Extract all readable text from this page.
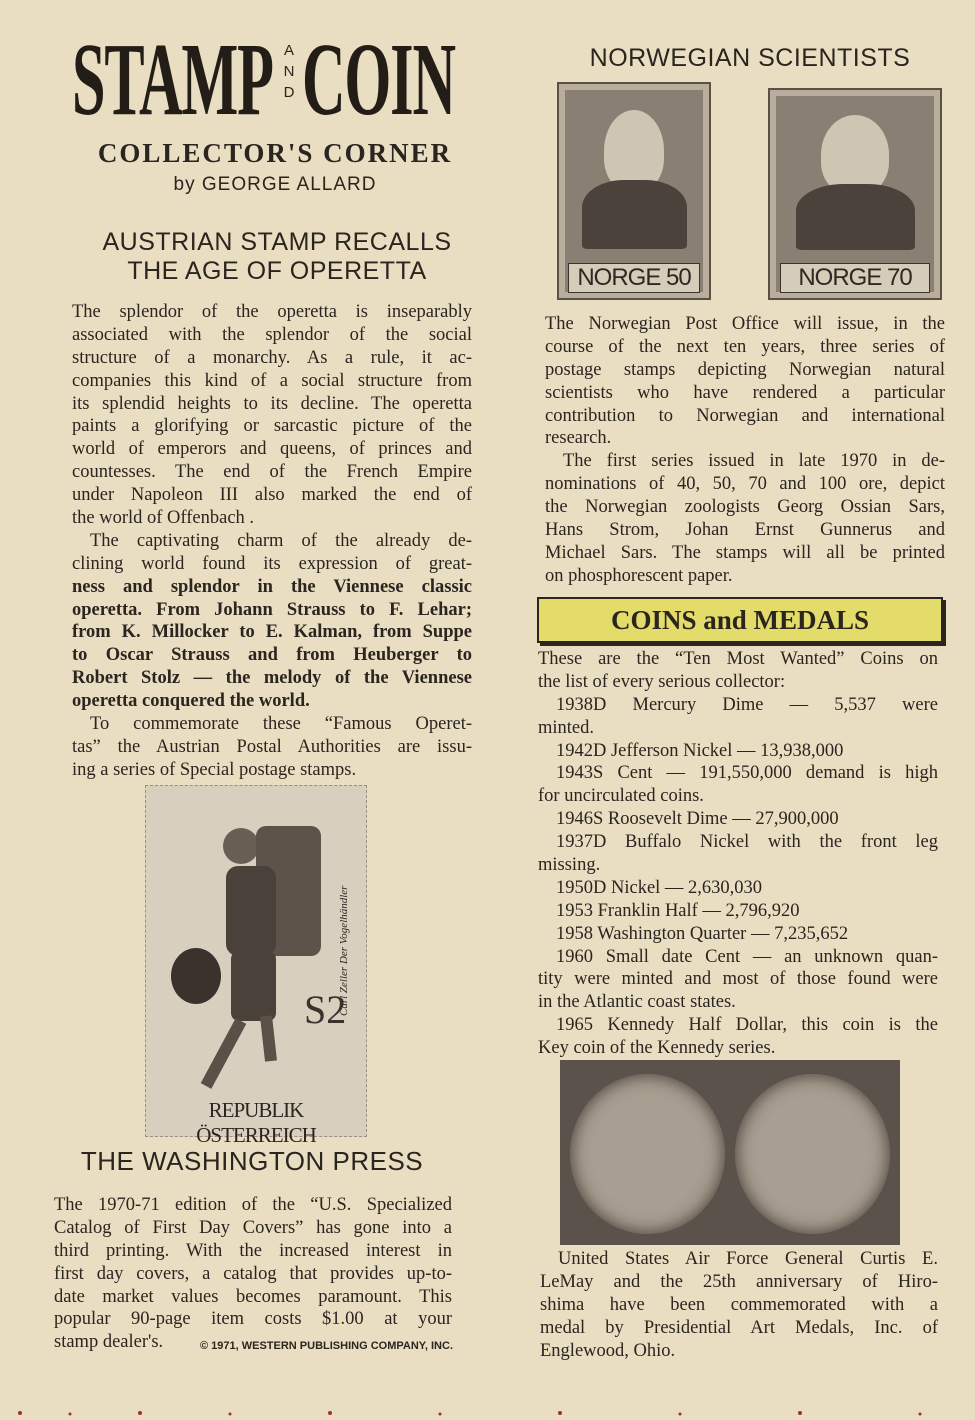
STAMP A
N
D COIN
COLLECTOR'S CORNER
by GEORGE ALLARD
AUSTRIAN STAMP RECALLS
THE AGE OF OPERETTA
The splendor of the operetta is inseparably
associated with the splendor of the social
structure of a monarchy. As a rule, it ac-
companies this kind of a social structure from
its splendid heights to its decline. The operetta
paints a glorifying or sarcastic picture of the
world of emperors and queens, of princes and
countesses. The end of the French Empire
under Napoleon III also marked the end of
the world of Offenbach .
The captivating charm of the already de-
clining world found its expression of great-
ness and splendor in the Viennese classic
operetta. From Johann Strauss to F. Lehar;
from K. Millocker to E. Kalman, from Suppe
to Oscar Strauss and from Heuberger to
Robert Stolz — the melody of the Viennese
operetta conquered the world.
To commemorate these “Famous Operet-
tas” the Austrian Postal Authorities are issu-
ing a series of Special postage stamps.
S2
Carl Zeller Der Vogelhändler
REPUBLIK ÖSTERREICH
THE WASHINGTON PRESS
The 1970-71 edition of the “U.S. Specialized
Catalog of First Day Covers” has gone into a
third printing. With the increased interest in
first day covers, a catalog that provides up-to-
date market values becomes paramount. This
popular 90-page item costs $1.00 at your
stamp dealer's.	© 1971, WESTERN PUBLISHING COMPANY, INC.
NORWEGIAN SCIENTISTS
NORGE 50	NORGE 70
The Norwegian Post Office will issue, in the
course of the next ten years, three series of
postage stamps depicting Norwegian natural
scientists who have rendered a particular
contribution to Norwegian and international
research.
The first series issued in late 1970 in de-
nominations of 40, 50, 70 and 100 ore, depict
the Norwegian zoologists Georg Ossian Sars,
Hans Strom, Johan Ernst Gunnerus and
Michael Sars. The stamps will all be printed
on phosphorescent paper.
COINS and MEDALS
These are the “Ten Most Wanted” Coins on
the list of every serious collector:
1938D Mercury Dime — 5,537 were
minted.
1942D Jefferson Nickel — 13,938,000
1943S Cent — 191,550,000 demand is high
for uncirculated coins.
1946S Roosevelt Dime — 27,900,000
1937D Buffalo Nickel with the front leg
missing.
1950D Nickel — 2,630,030
1953 Franklin Half — 2,796,920
1958 Washington Quarter — 7,235,652
1960 Small date Cent — an unknown quan-
tity were minted and most of those found were
in the Atlantic coast states.
1965 Kennedy Half Dollar, this coin is the
Key coin of the Kennedy series.
United States Air Force General Curtis E.
LeMay and the 25th anniversary of Hiro-
shima have been commemorated with a
medal by Presidential Art Medals, Inc. of
Englewood, Ohio.
